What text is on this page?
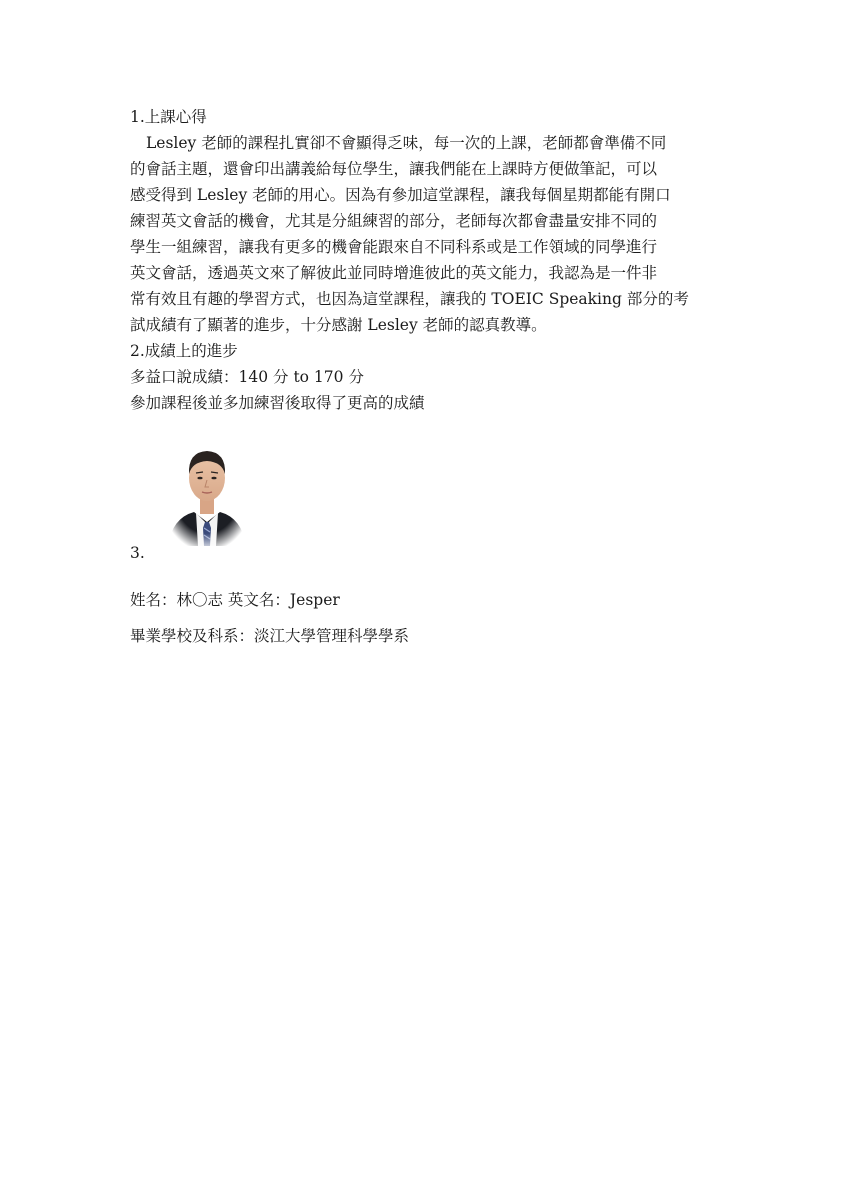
1.上課心得
Lesley 老師的課程扎實卻不會顯得乏味，每一次的上課，老師都會準備不同
的會話主題，還會印出講義給每位學生，讓我們能在上課時方便做筆記，可以
感受得到 Lesley 老師的用心。因為有參加這堂課程，讓我每個星期都能有開口
練習英文會話的機會，尤其是分組練習的部分，老師每次都會盡量安排不同的
學生一組練習，讓我有更多的機會能跟來自不同科系或是工作領域的同學進行
英文會話，透過英文來了解彼此並同時增進彼此的英文能力，我認為是一件非
常有效且有趣的學習方式，也因為這堂課程，讓我的 TOEIC Speaking 部分的考
試成績有了顯著的進步，十分感謝 Lesley 老師的認真教導。
2.成績上的進步
多益口說成績：140 分 to 170 分
參加課程後並多加練習後取得了更高的成績
3.
姓名：林〇志 英文名：Jesper
畢業學校及科系：淡江大學管理科學學系
